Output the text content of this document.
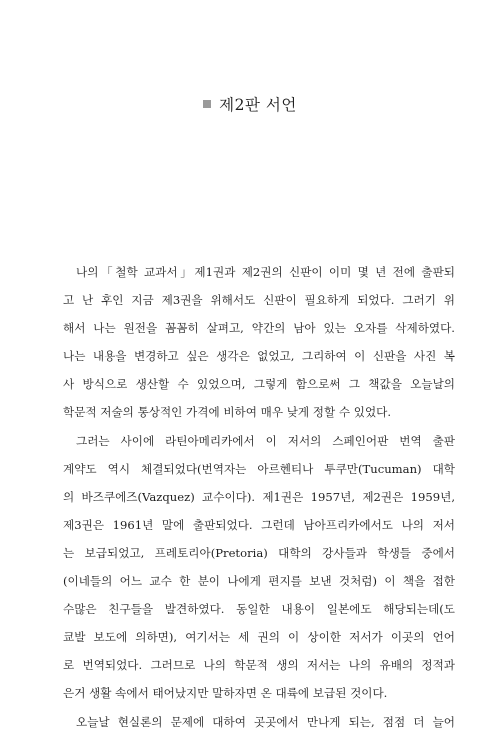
제2판 서언
나의「철학 교과서」제1권과 제2권의 신판이 이미 몇 년 전에 출판되
고 난 후인 지금 제3권을 위해서도 신판이 필요하게 되었다. 그러기 위
해서 나는 원전을 꼼꼼히 살펴고, 약간의 남아 있는 오자를 삭제하였다.
나는 내용을 변경하고 싶은 생각은 없었고, 그리하여 이 신판을 사진 복
사 방식으로 생산할 수 있었으며, 그렇게 함으로써 그 책값을 오늘날의
학문적 저술의 통상적인 가격에 비하여 매우 낮게 정할 수 있었다.
그러는 사이에 라틴아메리카에서 이 저서의 스페인어판 번역 출판
계약도 역시 체결되었다(번역자는 아르헨티나 투쿠만(Tucuman) 대학
의 바즈쿠에즈(Vazquez) 교수이다). 제1권은 1957년, 제2권은 1959년,
제3권은 1961년 말에 출판되었다. 그런데 남아프리카에서도 나의 저서
는 보급되었고, 프레토리아(Pretoria) 대학의 강사들과 학생들 중에서
(이네들의 어느 교수 한 분이 나에게 편지를 보낸 것처럼) 이 책을 접한
수많은 친구들을 발견하였다. 동일한 내용이 일본에도 해당되는데(도
쿄발 보도에 의하면), 여기서는 세 권의 이 상이한 저서가 이곳의 언어
로 번역되었다. 그러므로 나의 학문적 생의 저서는 나의 유배의 정적과
은거 생활 속에서 태어났지만 말하자면 온 대륙에 보급된 것이다.
오늘날 현실론의 문제에 대하여 곳곳에서 만나게 되는, 점점 더 늘어
